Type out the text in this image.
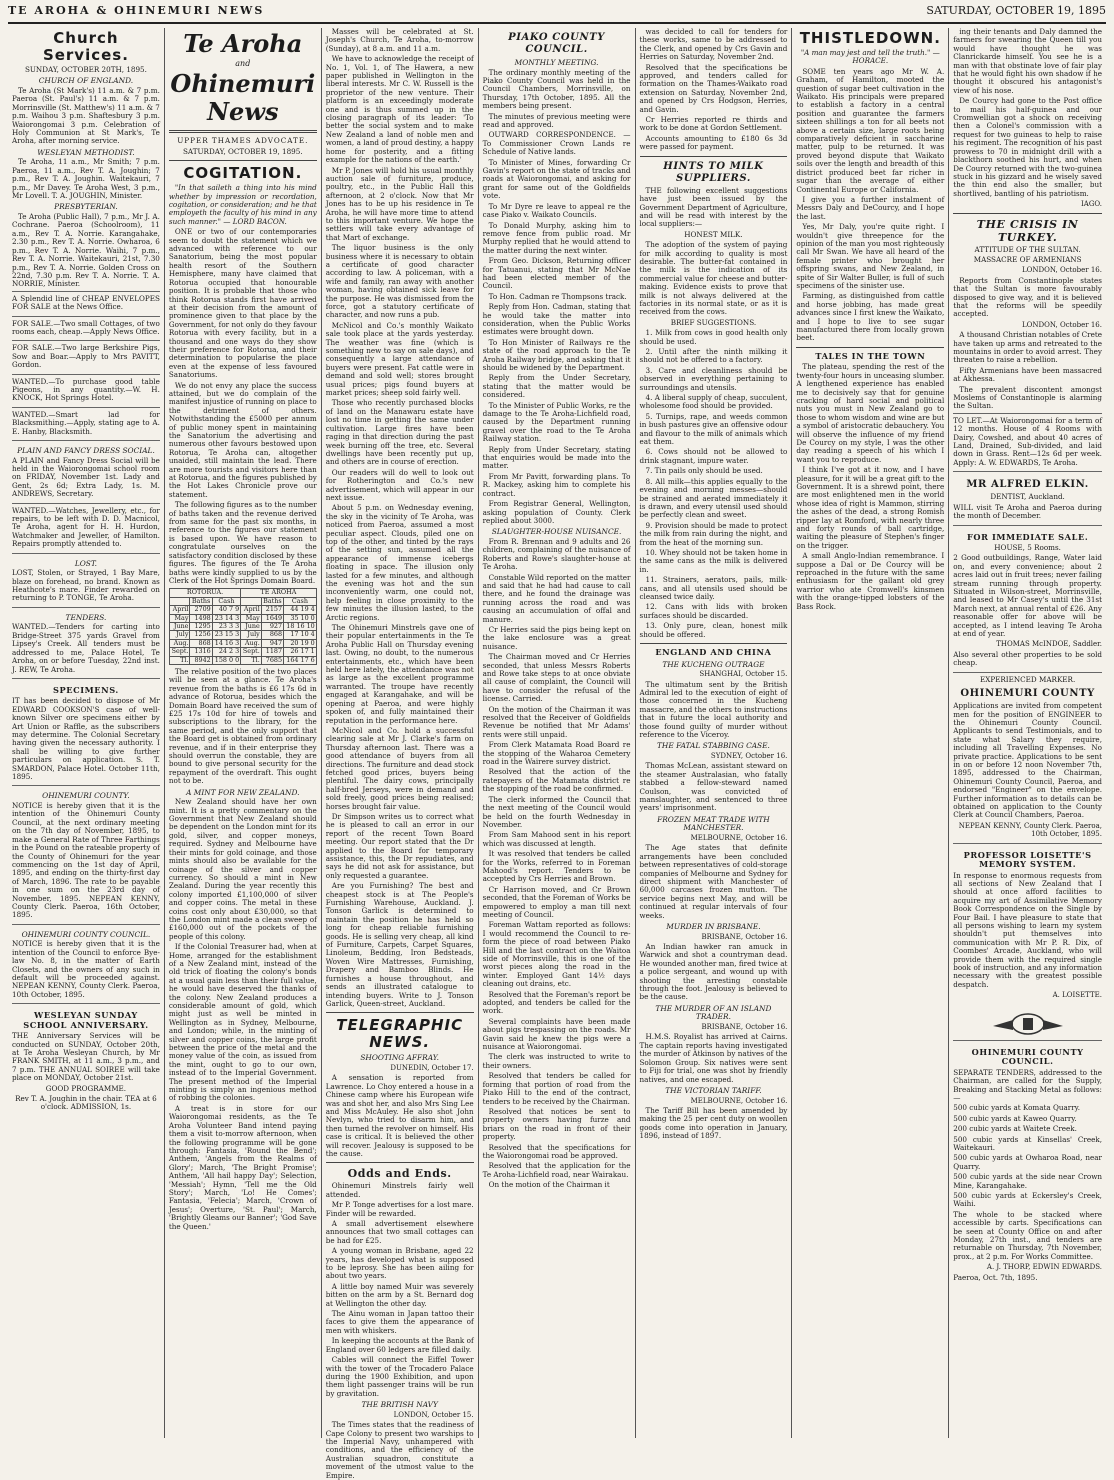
TE AROHA & OHINEMURI NEWS	SATURDAY, OCTOBER 19, 1895
Church Services.

SUNDAY, OCTOBER 20TH, 1895.

CHURCH OF ENGLAND.

Te Aroha (St Mark's) 11 a.m. & 7 p.m. Paeroa (St. Paul's) 11 a.m. & 7 p.m. Morrinsville (St. Matthew's) 11 a.m. & 7 p.m. Waihou 3 p.m. Shaftesbury 3 p.m. Waiorongomai 3 p.m. Celebration of Holy Communion at St Mark's, Te Aroha, after morning service.

WESLEYAN METHODIST.

Te Aroha, 11 a.m., Mr Smith; 7 p.m. Paeroa, 11 a.m., Rev T. A. Joughin; 7 p.m., Rev T. A. Joughin. Waitekauri, 7 p.m., Mr Davey. Te Aroha West, 3 p.m., Mr Lovell. T. A. JOUGHIN, Minister.

PRESBYTERIAN.

Te Aroha (Public Hall), 7 p.m., Mr J. A. Cochrane. Paeroa (Schoolroom), 11 a.m., Rev T. A. Norrie. Karangahake, 2.30 p.m., Rev T. A. Norrie. Owharoa, 6 p.m., Rev T. A. Norrie. Waihi, 7 p.m., Rev T. A. Norrie. Waitekauri, 21st, 7.30 p.m., Rev T. A. Norrie. Golden Cross on 22nd, 7.30 p.m. Rev T. A. Norrie. T. A. NORRIE, Minister.

A Splendid line of CHEAP ENVELOPES FOR SALE at the News Office.

FOR SALE.—Two small Cottages, of two rooms each, cheap.—Apply News Office.

FOR SALE.—Two large Berkshire Pigs, Sow and Boar.—Apply to Mrs PAVITT, Gordon.

WANTED.—To purchase good table Pigeons, in any quantity.—W. H. KNOCK, Hot Springs Hotel.

WANTED.—Smart lad for Blacksmithing.—Apply, stating age to A. E. Hanby, Blacksmith.

PLAIN AND FANCY DRESS SOCIAL.

A PLAIN and Fancy Dress Social will be held in the Waiorongomai school room on FRIDAY, November 1st. Lady and Gent, 2s 6d; Extra Lady, 1s. M. ANDREWS, Secretary.

WANTED.—Watches, Jewellery, etc., for repairs, to be left with D. D. Macnicol, Te Aroha, agent for H. H. Hurdon, Watchmaker and Jeweller, of Hamilton. Repairs promptly attended to.

LOST.

LOST, Stolen, or Strayed, 1 Bay Mare, blaze on forehead, no brand. Known as Heathcote's mare. Finder rewarded on returning to P. TONGE, Te Aroha.

TENDERS.

WANTED.—Tenders for carting into Bridge-Street 375 yards Gravel from Lipsey's Creek. All tenders must be addressed to me, Palace Hotel, Te Aroha, on or before Tuesday, 22nd inst. J. REW, Te Aroha.

SPECIMENS.

IT has been decided to dispose of Mr EDWARD COOKSON'S case of well-known Silver ore specimens either by Art Union or Raffle, as the subscribers may determine. The Colonial Secretary having given the necessary authority. I shall be willing to give further particulars on application. S. T. SMARDON, Palace Hotel. October 11th, 1895.

OHINEMURI COUNTY.

NOTICE is hereby given that it is the intention of the Ohinemuri County Council, at the next ordinary meeting on the 7th day of November, 1895, to make a General Rate of Three Farthings in the Pound on the rateable property of the County of Ohinemuri for the year commencing on the 1st day of April, 1895, and ending on the thirty-first day of March, 1896. The rate to be payable in one sum on the 23rd day of November, 1895. NEPEAN KENNY, County Clerk. Paeroa, 16th October, 1895.

OHINEMURI COUNTY COUNCIL.

NOTICE is hereby given that it is the intention of the Council to enforce Bye-law No. 8, in the matter of Earth Closets, and the owners of any such in default will be proceeded against. NEPEAN KENNY, County Clerk. Paeroa, 10th October, 1895.

WESLEYAN SUNDAY SCHOOL ANNIVERSARY.

THE Anniversary Services will be conducted on SUNDAY, October 20th, at Te Aroha Wesleyan Church, by Mr FRANK SMITH, at 11 a.m., 3 p.m., and 7 p.m. THE ANNUAL SOIREE will take place on MONDAY, October 21st.

GOOD PROGRAMME.

Rev T. A. Joughin in the chair. TEA at 6 o'clock. ADMISSION, 1s.

Te Aroha
and
Ohinemuri News

UPPER THAMES ADVOCATE.

SATURDAY, OCTOBER 19, 1895.

COGITATION.

"In that saileth a thing into his mind whether by impression or recordation, cogitation, or consideration; and he that employeth the faculty of his mind in any such manner." — LORD BACON.

ONE or two of our contemporaries seem to doubt the statement which we advanced with reference to our Sanatorium, being the most popular health resort of the Southern Hemisphere, many have claimed that Rotorua occupied that honourable position. It is probable that those who think Rotorua stands first have arrived at their decision from the amount of prominence given to that place by the Government, for not only do they favour Rotorua with every facility, but in a thousand and one ways do they show their preference for Rotorua, and their determination to popularise the place even at the expense of less favoured Sanatoriums.

We do not envy any place the success attained, but we do complain of the manifest injustice of running on place to the detriment of others. Notwithstanding the £5000 per annum of public money spent in maintaining the Sanatorium the advertising and numerous other favours bestowed upon Rotorua, Te Aroha can, altogether unaided, still maintain the lead. There are more tourists and visitors here than at Rotorua, and the figures published by the Hot Lakes Chronicle prove our statement.

The following figures as to the number of baths taken and the revenue derived from same for the past six months, in reference to the figures our statement is based upon. We have reason to congratulate ourselves on the satisfactory condition disclosed by these figures. The figures of the Te Aroha baths were kindly supplied to us by the Clerk of the Hot Springs Domain Board.

ROTORUA.			TE AROHA		
	Baths	Cash		Baths	Cash
April	2709	40 7 9	April	2157	44 19 4
May	1498	23 14 3	May	1649	35 10 0
June	1295	23 3 3	June	927	18 16 10
July	1256	23 15 3	July	868	17 10 4
Aug.	868	14 16 3	Aug.	947	20 19 0
Sept.	1316	24 2 3	Sept.	1187	26 17 1
Tl.	8942	158 0 0	Tl.	7685	164 17 6

The relative position of the two places will be seen at a glance. Te Aroha's revenue from the baths is £6 17s 6d in advance of Rotorua, besides which the Domain Board have received the sum of £25 17s 10d for hire of towels and subscriptions to the library, for the same period, and the only support that the Board get is obtained from ordinary revenue, and if in their enterprise they should overrun the constable, they are bound to give personal security for the repayment of the overdraft. This ought not to be.

A MINT FOR NEW ZEALAND.

New Zealand should have her own mint. It is a pretty commentary on the Government that New Zealand should be dependent on the London mint for its gold, silver, and copper moneys, required. Sydney and Melbourne have their mints for gold coinage, and those mints should also be available for the coinage of the silver and copper currency. So should a mint in New Zealand. During the year recently this colony imported £1,100,000 of silver and copper coins. The metal in these coins cost only about £30,000, so that the London mint made a clean sweep of £160,000 out of the pockets of the people of this colony.

If the Colonial Treasurer had, when at Home, arranged for the establishment of a New Zealand mint, instead of the old trick of floating the colony's bonds at a usual gain less than their full value, he would have deserved the thanks of the colony. New Zealand produces a considerable amount of gold, which might just as well be minted in Wellington as in Sydney, Melbourne, and London; while, in the minting of silver and copper coins, the large profit between the price of the metal and the money value of the coin, as issued from the mint, ought to go to our own, instead of to the Imperial Government. The present method of the Imperial minting is simply an ingenious method of robbing the colonies.

A treat is in store for our Waiorongomai residents, as the Te Aroha Volunteer Band intend paying them a visit to-morrow afternoon, when the following programme will be gone through: Fantasia, 'Round the Bend'; Anthem, 'Angels from the Realms of Glory'; March, 'The Bright Promise'; Anthem, 'All hail happy Day'; Selection, 'Messiah'; Hymn, 'Tell me the Old Story'; March, 'Lo! He Comes'; Fantasia, 'Felecia'; March, 'Crown of Jesus'; Overture, 'St. Paul'; March, 'Brightly Gleams our Banner'; 'God Save the Queen.'

Masses will be celebrated at St. Joseph's Church, Te Aroha, to-morrow (Sunday), at 8 a.m. and 11 a.m.

We have to acknowledge the receipt of No. 1, Vol. 1, of The Hawera, a new paper published in Wellington in the liberal interests. Mr C. W. Russell is the proprietor of the new venture. Their platform is an exceedingly moderate one and is thus summed up in the closing paragraph of its leader: 'To better the social system and to make New Zealand a land of noble men and women, a land of proud destiny, a happy home for posterity, and a fitting example for the nations of the earth.'

Mr P. Jones will hold his usual monthly auction sale of furniture, produce, poultry, etc., in the Public Hall this afternoon, at 2 o'clock. Now that Mr Jones has to be up his residence in Te Aroha, he will have more time to attend to this important venture. We hope the settlers will take every advantage of that Mart of exchange.

The liquor business is the only business where it is necessary to obtain a certificate of good character according to law. A policeman, with a wife and family, ran away with another woman, having obtained sick leave for the purpose. He was dismissed from the force, got a statutory certificate of character, and now runs a pub.

McNicol and Co.'s monthly Waikato sale took place at the yards yesterday. The weather was fine (which is something new to say on sale days), and consequently a large attendance of buyers were present. Fat cattle were in demand and sold well; stores brought usual prices; pigs found buyers at market prices; sheep sold fairly well.

Those who recently purchased blocks of land on the Manawaru estate have lost no time in getting the same under cultivation. Large fires have been raging in that direction during the past week burning off the tree, etc. Several dwellings have been recently put up, and others are in course of erection.

Our readers will do well to look out for Rotherington and Co.'s new advertisement, which will appear in our next issue.

About 5 p.m. on Wednesday evening, the sky in the vicinity of Te Aroha, was noticed from Paeroa, assumed a most peculiar aspect. Clouds, piled one on top of the other, and tinted by the rays of the setting sun, assumed all the appearance of immense icebergs floating in space. The illusion only lasted for a few minutes, and although the evening was hot and the sun inconveniently warm, one could not, help feeling in close proximity to the few minutes the illusion lasted, to the Arctic regions.

The Ohinemuri Minstrels gave one of their popular entertainments in the Te Aroha Public Hall on Thursday evening last. Owing, no doubt, to the numerous entertainments, etc., which have been held here lately, the attendance was not as large as the excellent programme warranted. The troupe have recently engaged at Karangahake, and will be opening at Paeroa, and were highly spoken of, and fully maintained their reputation in the performance here.

McNicol and Co. hold a successful clearing sale at Mr J. Clarke's farm on Thursday afternoon last. There was a good attendance of buyers from all directions. The furniture and dead stock fetched good prices, buyers being plentiful. The dairy cows, principally half-bred Jerseys, were in demand and sold freely, good prices being realised; horses brought fair value.

Dr Simpson writes us to correct what he is pleased to call an error in our report of the recent Town Board meeting. Our report stated that the Dr applied to the Board for temporary assistance, this, the Dr repudiates, and says he did not ask for assistance, but only requested a guarantee.

Are you Furnishing? The best and cheapest stock is at The People's Furnishing Warehouse, Auckland. J. Tonson Garlick is determined to maintain the position he has held so long for cheap reliable furnishing goods. He is selling very cheap, all kind of Furniture, Carpets, Carpet Squares, Linoleum, Bedding, Iron Bedsteads, Woven Wire Mattresses, Furnishing, Drapery and Bamboo Blinds. He furnishes a house throughout, and sends an illustrated catalogue to intending buyers. Write to J. Tonson Garlick, Queen-street, Auckland.

TELEGRAPHIC NEWS.
SHOOTING AFFRAY.

DUNEDIN, October 17.

A sensation is reported from Lawrence. Lo Choy entered a house in a Chinese camp where his European wife was and shot her, and also Mrs Sing Lee and Miss McAuley. He also shot John Nevlyn, who tried to disarm him, and then turned the revolver on himself. His case is critical. It is believed the other will recover. Jealousy is supposed to be the cause.

Odds and Ends.

Ohinemuri Minstrels fairly well attended.

Mr P. Tonge advertises for a lost mare. Finder will be rewarded.

A small advertisement elsewhere announces that two small cottages can be had for £25.

A young woman in Brisbane, aged 22 years, has developed what is supposed to be leprosy. She has been ailing for about two years.

A little boy named Muir was severely bitten on the arm by a St. Bernard dog at Wellington the other day.

The Ainu woman in Japan tattoo their faces to give them the appearance of men with whiskers.

In keeping the accounts at the Bank of England over 60 ledgers are filled daily.

Cables will connect the Eiffel Tower with the tower of the Trocadero Palace during the 1900 Exhibition, and upon them light passenger trains will be run by gravitation.

THE BRITISH NAVY

LONDON, October 15.

The Times states that the readiness of Cape Colony to present two warships to the Imperial Navy, unhampered with conditions, and the efficiency of the Australian squadron, constitute a movement of the utmost value to the Empire.

PIAKO COUNTY COUNCIL.
MONTHLY MEETING.

The ordinary monthly meeting of the Piako County Council was held in the Council Chambers, Morrinsville, on Thursday, 17th October, 1895. All the members being present.

The minutes of previous meeting were read and approved.

OUTWARD CORRESPONDENCE. — To Commissioner Crown Lands re Schedule of Native lands.

To Minister of Mines, forwarding Cr Gavin's report on the state of tracks and roads at Waiorongomai, and asking for grant for same out of the Goldfields vote.

To Mr Dyre re leave to appeal re the case Piako v. Waikato Councils.

To Donald Murphy, asking him to remove fence from public road. Mr Murphy replied that he would attend to the matter during the next winter.

From Geo. Dickson, Returning officer for Tatuanui, stating that Mr McNae had been elected member of the Council.

To Hon. Cadman re Thompsons track.

Reply from Hon. Cadman, stating that he would take the matter into consideration, when the Public Works estimates were brought down.

To Hon Minister of Railways re the state of the road approach to the Te Aroha Railway bridge, and asking that it should be widened by the Department.

Reply from the Under Secretary, stating that the matter would be considered.

To the Minister of Public Works, re the damage to the Te Aroha-Lichfield road, caused by the Department running gravel over the road to the Te Aroha Railway station.

Reply from Under Secretary, stating that enquiries would be made into the matter.

From Mr Pavitt, forwarding plans. To R. Mackey, asking him to complete his contract.

From Registrar General, Wellington, asking population of County. Clerk replied about 3000.

SLAUGHTER-HOUSE NUISANCE.

From R. Brennan and 9 adults and 26 children, complaining of the nuisance of Roberts and Rowe's slaughter-house at Te Aroha.

Constable Wild reported on the matter and said that he had had cause to call there, and he found the drainage was running across the road and was causing an accumulation of offal and manure.

Cr Herries said the pigs being kept on the lake enclosure was a great nuisance.

The Chairman moved and Cr Herries seconded, that unless Messrs Roberts and Rowe take steps to at once obviate all cause of complaint, the Council will have to consider the refusal of the license. Carried.

On the motion of the Chairman it was resolved that the Receiver of Goldfields Revenue be notified that Mr Adams' rents were still unpaid.

From Clerk Matamata Road Board re the stopping of the Waharoa Cemetery road in the Wairere survey district.

Resolved that the action of the ratepayers of the Matamata district re the stopping of the road be confirmed.

The clerk informed the Council that the next meeting of the Council would be held on the fourth Wednesday in November.

From Sam Mahood sent in his report which was discussed at length.

It was resolved that tenders be called for the Works, referred to in Foreman Mahood's report. Tenders to be accepted by Crs Herries and Brown.

Cr Harrison moved, and Cr Brown seconded, that the Foreman of Works be empowered to employ a man till next meeting of Council.

Foreman Wattam reported as follows: I would recommend the Council to re-form the piece of road between Piako Hill and the last contract on the Waitoa side of Morrinsville, this is one of the worst pieces along the road in the winter. Employed Gant 14½ days cleaning out drains, etc.

Resolved that the Foreman's report be adopted, and tenders be called for the work.

Several complaints have been made about pigs trespassing on the roads. Mr Gavin said he knew the pigs were a nuisance at Waiorongomai.

The clerk was instructed to write to their owners.

Resolved that tenders be called for forming that portion of road from the Piako Hill to the end of the contract, tenders to be received by the Chairman.

Resolved that notices be sent to property owners having furze and briars on the road in front of their property.

Resolved that the specifications for the Waiorongomai road be approved.

Resolved that the application for the Te Aroha-Lichfield road, near Wairakau.

On the motion of the Chairman it

was decided to call for tenders for these works, same to be addressed to the Clerk, and opened by Crs Gavin and Herries on Saturday, November 2nd.

Resolved that the specifications be approved, and tenders called for formation on the Thames-Waikato road extension on Saturday, November 2nd, and opened by Crs Hodgson, Herries, and Gavin.

Cr Herries reported re thirds and work to be done at Gordon Settlement.

Accounts amounting to £180 6s 3d were passed for payment.

HINTS TO MILK SUPPLIERS.

THE following excellent suggestions have just been issued by the Government Department of Agriculture, and will be read with interest by the local suppliers:—

HONEST MILK.

The adoption of the system of paying for milk according to quality is most desirable. The butter-fat contained in the milk is the indication of its commercial value for cheese and butter-making. Evidence exists to prove that milk is not always delivered at the factories in its normal state, or as it is received from the cows.

BRIEF SUGGESTIONS.

1. Milk from cows in good health only should be used.

2. Until after the ninth milking it should not be offered to a factory.

3. Care and cleanliness should be observed in everything pertaining to surroundings and utensils.

4. A liberal supply of cheap, succulent, wholesome food should be provided.

5. Turnips, rape, and weeds common in bush pastures give an offensive odour and flavour to the milk of animals which eat them.

6. Cows should not be allowed to drink stagnant, impure water.

7. Tin pails only should be used.

8. All milk—this applies equally to the evening and morning messes—should be strained and aerated immediately it is drawn, and every utensil used should be perfectly clean and sweet.

9. Provision should be made to protect the milk from rain during the night, and from the heat of the morning sun.

10. Whey should not be taken home in the same cans as the milk is delivered in.

11. Strainers, aerators, pails, milk-cans, and all utensils used should be cleansed twice daily.

12. Cans with lids with broken surfaces should be discarded.

13. Only pure, clean, honest milk should be offered.

ENGLAND AND CHINA
THE KUCHENG OUTRAGE

SHANGHAI, October 15.

The ultimatum sent by the British Admiral led to the execution of eight of those concerned in the Kucheng massacre, and the others to instructions that in future the local authority and those found guilty of murder without reference to the Viceroy.

THE FATAL STABBING CASE.

SYDNEY, October 16.

Thomas McLean, assistant steward on the steamer Australasian, who fatally stabbed a fellow-steward named Coulson, was convicted of manslaughter, and sentenced to three years' imprisonment.

FROZEN MEAT TRADE WITH MANCHESTER.

MELBOURNE, October 16.

The Age states that definite arrangements have been concluded between representatives of cold-storage companies of Melbourne and Sydney for direct shipment with Manchester of 60,000 carcases frozen mutton. The service begins next May, and will be continued at regular intervals of four weeks.

MURDER IN BRISBANE.

BRISBANE, October 16.

An Indian hawker ran amuck in Warwick and shot a countryman dead. He wounded another man, fired twice at a police sergeant, and wound up with shooting the arresting constable through the foot. Jealousy is believed to be the cause.

THE MURDER OF AN ISLAND TRADER.

BRISBANE, October 16.

H.M.S. Royalist has arrived at Cairns. The captain reports having investigated the murder of Atkinson by natives of the Solomon Group. Six natives were sent to Fiji for trial, one was shot by friendly natives, and one escaped.

THE VICTORIAN TARIFF.

MELBOURNE, October 16.

The Tariff Bill has been amended by making the 25 per cent duty on woollen goods come into operation in January, 1896, instead of 1897.

THISTLEDOWN.

"A man may jest and tell the truth." — HORACE.

SOME ten years ago Mr W. A. Graham, of Hamilton, mooted the question of sugar beet cultivation in the Waikato. His principals were prepared to establish a factory in a central position and guarantee the farmers sixteen shillings a ton for all beets not above a certain size, large roots being comparatively deficient in saccharine matter, pulp to be returned. It was proved beyond dispute that Waikato soils over the length and breadth of this district produced beet far richer in sugar than the average of either Continental Europe or California.

I give you a further instalment of Messrs Daly and DeCourcy, and I hope the last.

Yes, Mr Daly, you're quite right. I wouldn't give threepence for the opinion of the man you most righteously call Mr Swan. We have all heard of the female printer who brought her offspring swans, and New Zealand, in spite of Sir Walter Buller, is full of such specimens of the sinister use.

Farming, as distinguished from cattle and horse jobbing, has made great advances since I first knew the Waikato, and I hope to live to see sugar manufactured there from locally grown beet.

TALES IN THE TOWN

The plateau, spending the rest of the twenty-four hours in unceasing slumber. A lengthened experience has enabled me to decisively say that for genuine cracking of hard social and political nuts you must in New Zealand go to those to whom wisdom and wine are but a symbol of aristocratic debauchery. You will observe the influence of my friend De Courcy on my style, I was the other day reading a speech of his which I want you to reproduce.

I think I've got at it now, and I have pleasure, for it will be a great gift to the Government. It is a shrewd point, there are most enlightened men in the world whose idea of right is Mammon, stirring the ashes of the dead, a strong Romish ripper lay at Romford, with nearly three and forty rounds of ball cartridge, waiting the pleasure of Stephen's finger on the trigger.

A small Anglo-Indian remembrance. I suppose a Dal or De Courcy will be reproached in the future with the same enthusiasm for the gallant old grey warrior who ate Cromwell's kinsmen with the orange-tipped lobsters of the Bass Rock.

ing their tenants and Daly damned the farmers for swearing the Queen till you would have thought he was Clanrickarde himself. You see he is a man with that obstinate love of fair play that he would fight his own shadow if he thought it obscured his antagonist's view of his nose.

De Courcy had gone to the Post office to mail his half-guinea and our Cromwellian got a shock on receiving then a Colonel's commission with a request for two guineas to help to raise his regiment. The recognition of his past prowess to 70 in midnight drill with a blackthorn soothed his hurt, and when De Courcy returned with the two-guinea stuck in his gizzard and he wisely saved the thin end also the smaller, but shortlived, bantling of his patriotism.

IAGO.

THE CRISIS IN TURKEY.

ATTITUDE OF THE SULTAN.

MASSACRE OF ARMENIANS

LONDON, October 16.

Reports from Constantinople states that the Sultan is more favourably disposed to give way, and it is believed that the reforms will be speedily accepted.

LONDON, October 16.

A thousand Christian notables of Crete have taken up arms and retreated to the mountains in order to avoid arrest. They threaten to raise a rebellion.

Fifty Armenians have been massacred at Akhessa.

The prevalent discontent amongst Moslems of Constantinople is alarming the Sultan.

TO LET.—At Waiorongomai for a term of 12 months. House of 4 Rooms with Dairy, Cowshed, and about 40 acres of Land, Drained, Sub-divided, and laid down in Grass. Rent—12s 6d per week. Apply: A. W. EDWARDS, Te Aroha.

MR ALFRED ELKIN.

DENTIST, Auckland.

WILL visit Te Aroha and Paeroa during the month of December.

FOR IMMEDIATE SALE.

HOUSE, 5 Rooms.

2 Good outbuildings, Range, Water laid on, and every convenience; about 2 acres laid out in fruit trees; never failing stream running through property. Situated in Wilson-street, Morrinsville, and leased to Mr Casey's until the 31st March next, at annual rental of £26. Any reasonable offer for above will be accepted, as I intend leaving Te Aroha at end of year.

THOMAS McINDOE, Saddler.

Also several other properties to be sold cheap.

EXPERIENCED MARKER.

OHINEMURI COUNTY

Applications are invited from competent men for the position of ENGINEER to the Ohinemuri County Council. Applicants to send Testimonials, and to state what Salary they require, including all Travelling Expenses. No private practice. Applications to be sent in on or before 12 noon November 7th, 1895, addressed to the Chairman, Ohinemuri County Council, Paeroa, and endorsed "Engineer" on the envelope. Further information as to details can be obtained on application to the County Clerk at Council Chambers, Paeroa.

NEPEAN KENNY, County Clerk. Paeroa, 10th October, 1895.

PROFESSOR LOISETTE'S MEMORY SYSTEM.

In response to enormous requests from all sections of New Zealand that I should at once afford facilities to acquire my art of Assimilative Memory Book Correspondence on the Single by Four Bail. I have pleasure to state that all persons wishing to learn my system shouldn't put themselves into communication with Mr P. R. Dix, of Coombes' Arcade, Auckland, who will provide them with the required single book of instruction, and any information necessary with the greatest possible despatch.

A. LOISETTE.

OHINEMURI COUNTY COUNCIL.

SEPARATE TENDERS, addressed to the Chairman, are called for the Supply, Breaking and Stacking Metal as follows:—

500 cubic yards at Komata Quarry.

500 cubic yards at Kaweo Quarry.

200 cubic yards at Waitete Creek.

500 cubic yards at Kinsellas' Creek, Waitekauri.

500 cubic yards at Owharoa Road, near Quarry.

500 cubic yards at the side near Crown Mine, Karangahake.

500 cubic yards at Eckersley's Creek, Waihi.

The whole to be stacked where accessible by carts. Specifications can be seen at County Office on and after Monday, 27th inst., and tenders are returnable on Thursday, 7th November, prox., at 2 p.m. For Works Committee.

A. J. THORP, EDWIN EDWARDS.

Paeroa, Oct. 7th, 1895.
